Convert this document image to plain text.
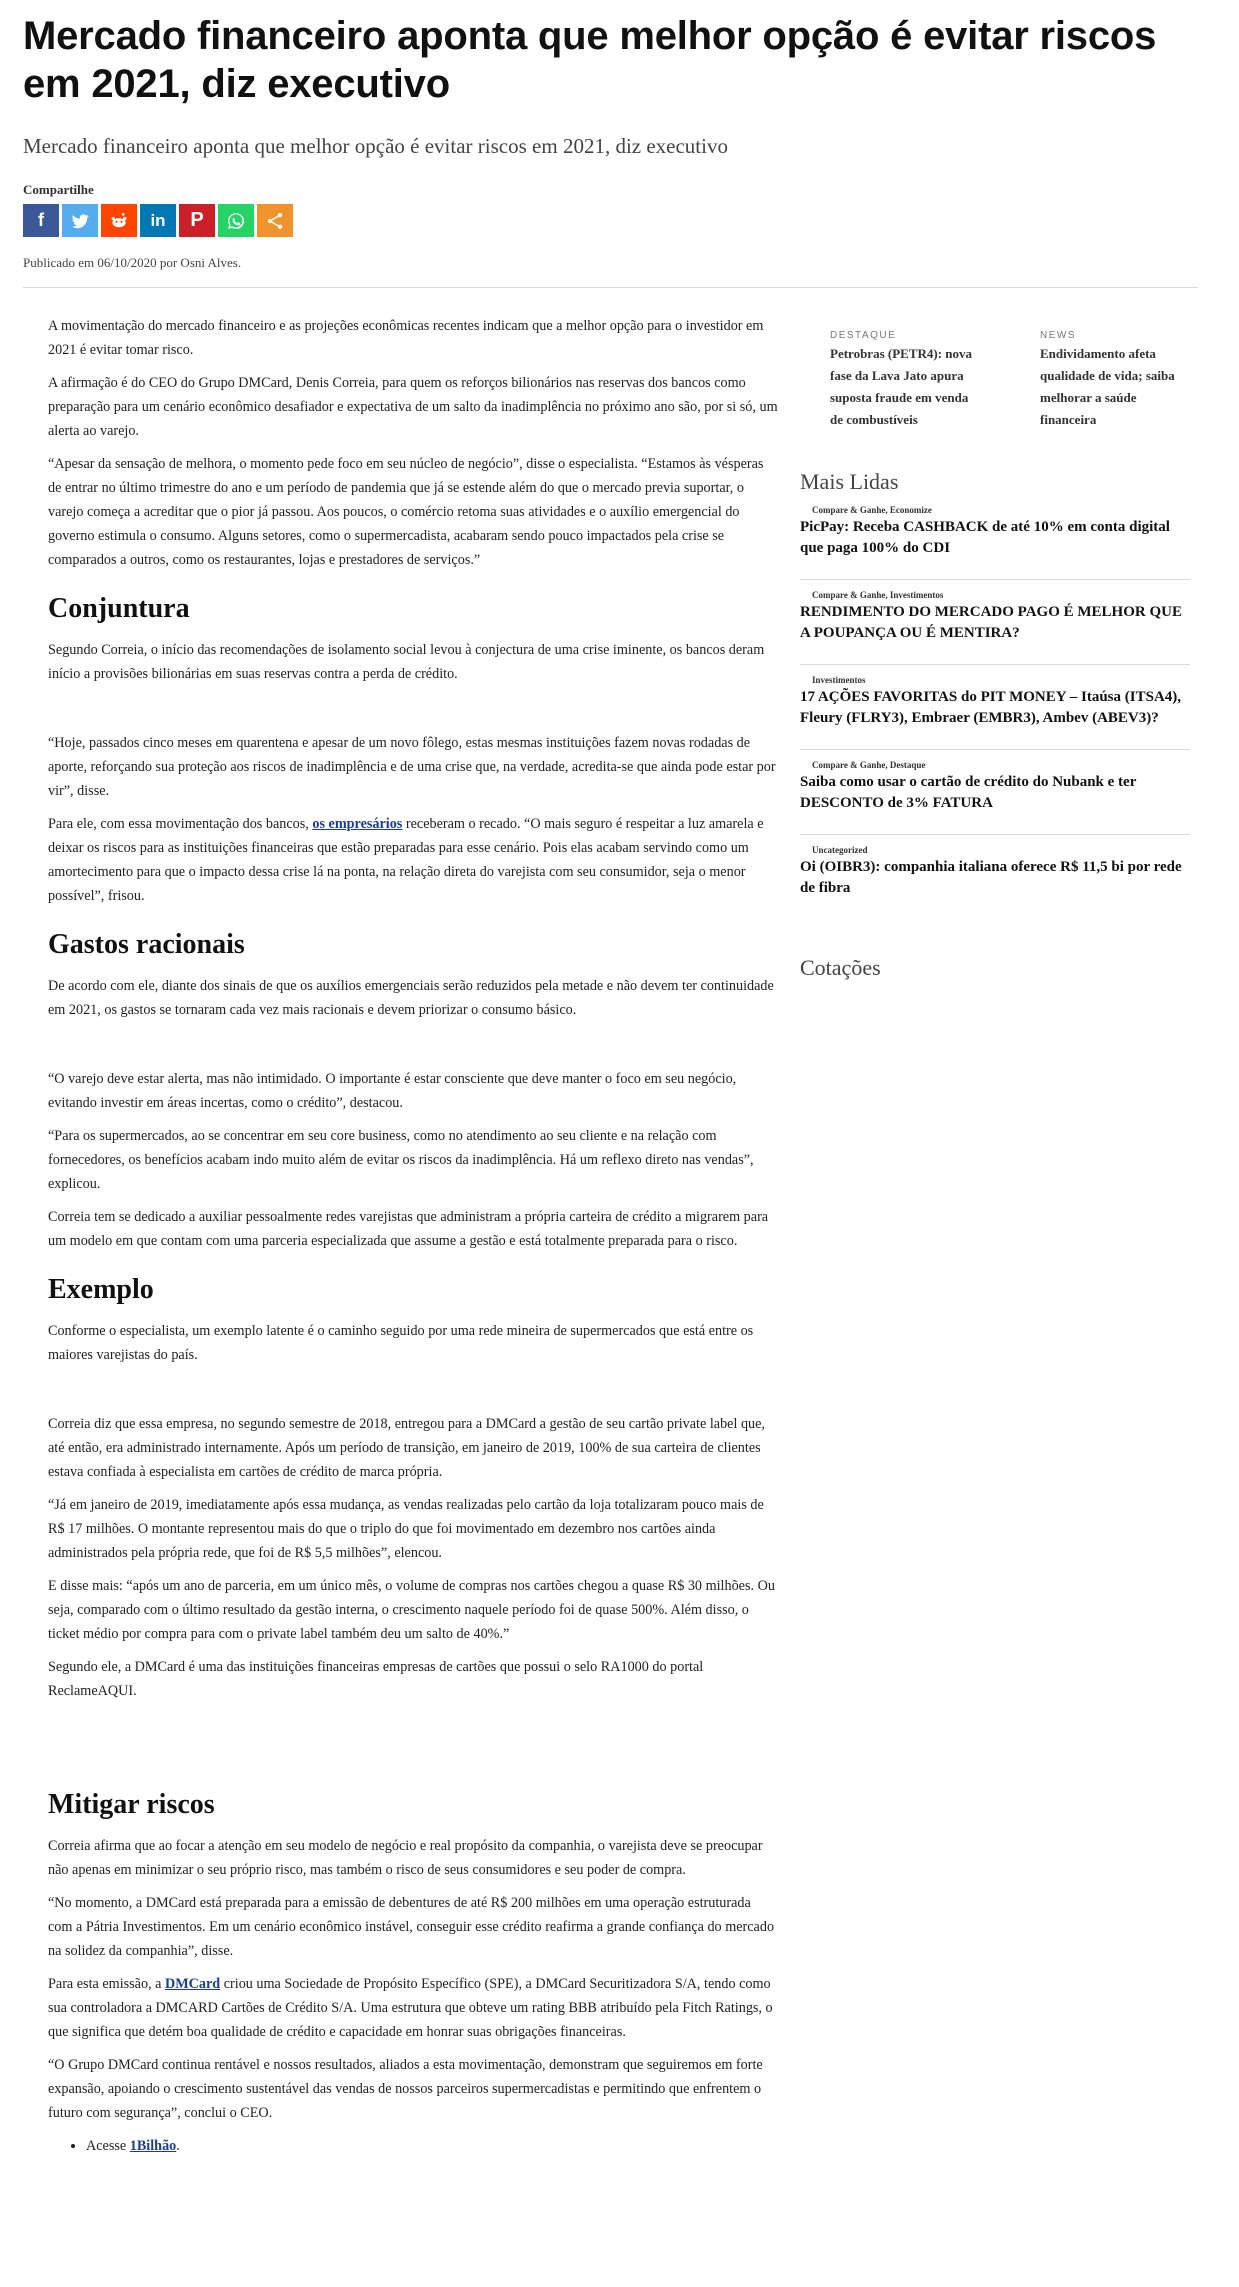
Mercado financeiro aponta que melhor opção é evitar riscos em 2021, diz executivo
Mercado financeiro aponta que melhor opção é evitar riscos em 2021, diz executivo
Compartilhe
f	in P
Publicado em 06/10/2020 por Osni Alves.

A movimentação do mercado financeiro e as projeções econômicas recentes indicam que a melhor opção para o investidor em 2021 é evitar tomar risco.

A afirmação é do CEO do Grupo DMCard, Denis Correia, para quem os reforços bilionários nas reservas dos bancos como preparação para um cenário econômico desafiador e expectativa de um salto da inadimplência no próximo ano são, por si só, um alerta ao varejo.

“Apesar da sensação de melhora, o momento pede foco em seu núcleo de negócio”, disse o especialista. “Estamos às vésperas de entrar no último trimestre do ano e um período de pandemia que já se estende além do que o mercado previa suportar, o varejo começa a acreditar que o pior já passou. Aos poucos, o comércio retoma suas atividades e o auxílio emergencial do governo estimula o consumo. Alguns setores, como o supermercadista, acabaram sendo pouco impactados pela crise se comparados a outros, como os restaurantes, lojas e prestadores de serviços.”

Conjuntura

Segundo Correia, o início das recomendações de isolamento social levou à conjectura de uma crise iminente, os bancos deram início a provisões bilionárias em suas reservas contra a perda de crédito.

“Hoje, passados cinco meses em quarentena e apesar de um novo fôlego, estas mesmas instituições fazem novas rodadas de aporte, reforçando sua proteção aos riscos de inadimplência e de uma crise que, na verdade, acredita-se que ainda pode estar por vir”, disse.

Para ele, com essa movimentação dos bancos, os empresários receberam o recado. “O mais seguro é respeitar a luz amarela e deixar os riscos para as instituições financeiras que estão preparadas para esse cenário. Pois elas acabam servindo como um amortecimento para que o impacto dessa crise lá na ponta, na relação direta do varejista com seu consumidor, seja o menor possível”, frisou.

Gastos racionais

De acordo com ele, diante dos sinais de que os auxílios emergenciais serão reduzidos pela metade e não devem ter continuidade em 2021, os gastos se tornaram cada vez mais racionais e devem priorizar o consumo básico.

“O varejo deve estar alerta, mas não intimidado. O importante é estar consciente que deve manter o foco em seu negócio, evitando investir em áreas incertas, como o crédito”, destacou.

“Para os supermercados, ao se concentrar em seu core business, como no atendimento ao seu cliente e na relação com fornecedores, os benefícios acabam indo muito além de evitar os riscos da inadimplência. Há um reflexo direto nas vendas”, explicou.

Correia tem se dedicado a auxiliar pessoalmente redes varejistas que administram a própria carteira de crédito a migrarem para um modelo em que contam com uma parceria especializada que assume a gestão e está totalmente preparada para o risco.

Exemplo

Conforme o especialista, um exemplo latente é o caminho seguido por uma rede mineira de supermercados que está entre os maiores varejistas do país.

Correia diz que essa empresa, no segundo semestre de 2018, entregou para a DMCard a gestão de seu cartão private label que, até então, era administrado internamente. Após um período de transição, em janeiro de 2019, 100% de sua carteira de clientes estava confiada à especialista em cartões de crédito de marca própria.

“Já em janeiro de 2019, imediatamente após essa mudança, as vendas realizadas pelo cartão da loja totalizaram pouco mais de R$ 17 milhões. O montante representou mais do que o triplo do que foi movimentado em dezembro nos cartões ainda administrados pela própria rede, que foi de R$ 5,5 milhões”, elencou.

E disse mais: “após um ano de parceria, em um único mês, o volume de compras nos cartões chegou a quase R$ 30 milhões. Ou seja, comparado com o último resultado da gestão interna, o crescimento naquele período foi de quase 500%. Além disso, o ticket médio por compra para com o private label também deu um salto de 40%.”

Segundo ele, a DMCard é uma das instituições financeiras empresas de cartões que possui o selo RA1000 do portal ReclameAQUI.

Mitigar riscos

Correia afirma que ao focar a atenção em seu modelo de negócio e real propósito da companhia, o varejista deve se preocupar não apenas em minimizar o seu próprio risco, mas também o risco de seus consumidores e seu poder de compra.

“No momento, a DMCard está preparada para a emissão de debentures de até R$ 200 milhões em uma operação estruturada com a Pátria Investimentos. Em um cenário econômico instável, conseguir esse crédito reafirma a grande confiança do mercado na solidez da companhia”, disse.

Para esta emissão, a DMCard criou uma Sociedade de Propósito Específico (SPE), a DMCard Securitizadora S/A, tendo como sua controladora a DMCARD Cartões de Crédito S/A. Uma estrutura que obteve um rating BBB atribuído pela Fitch Ratings, o que significa que detém boa qualidade de crédito e capacidade em honrar suas obrigações financeiras.

“O Grupo DMCard continua rentável e nossos resultados, aliados a esta movimentação, demonstram que seguiremos em forte expansão, apoiando o crescimento sustentável das vendas de nossos parceiros supermercadistas e permitindo que enfrentem o futuro com segurança”, conclui o CEO.

• Acesse 1Bilhão.
DESTAQUE
Petrobras (PETR4): nova fase da Lava Jato apura suposta fraude em venda de combustíveis
NEWS
Endividamento afeta qualidade de vida; saiba melhorar a saúde financeira
Mais Lidas
Compare & Ganhe, Economize
PicPay: Receba CASHBACK de até 10% em conta digital que paga 100% do CDI
Compare & Ganhe, Investimentos
RENDIMENTO DO MERCADO PAGO É MELHOR QUE A POUPANÇA OU É MENTIRA?
Investimentos
17 AÇÕES FAVORITAS do PIT MONEY – Itaúsa (ITSA4), Fleury (FLRY3), Embraer (EMBR3), Ambev (ABEV3)?
Compare & Ganhe, Destaque
Saiba como usar o cartão de crédito do Nubank e ter DESCONTO de 3% FATURA
Uncategorized
Oi (OIBR3): companhia italiana oferece R$ 11,5 bi por rede de fibra
Cotações
